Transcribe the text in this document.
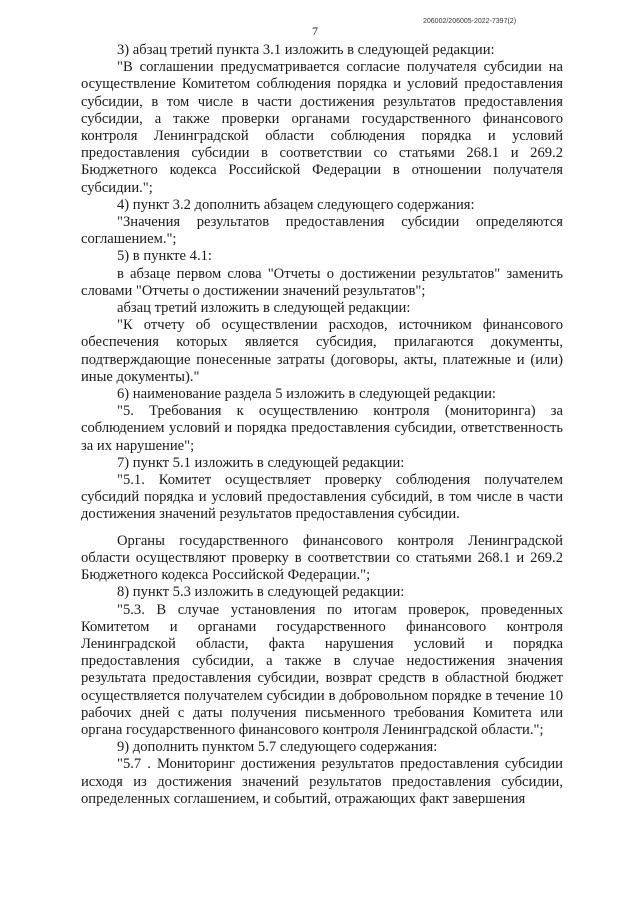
7
206002/206005-2022-7397(2)

3) абзац третий пункта 3.1 изложить в следующей редакции:

"В соглашении предусматривается согласие получателя субсидии на осуществление Комитетом соблюдения порядка и условий предоставления субсидии, в том числе в части достижения результатов предоставления субсидии, а также проверки органами государственного финансового контроля Ленинградской области соблюдения порядка и условий предоставления субсидии в соответствии со статьями 268.1 и 269.2 Бюджетного кодекса Российской Федерации в отношении получателя субсидии.";

4) пункт 3.2 дополнить абзацем следующего содержания:

"Значения результатов предоставления субсидии определяются соглашением.";

5) в пункте 4.1:

в абзаце первом слова "Отчеты о достижении результатов" заменить словами "Отчеты о достижении значений результатов";

абзац третий изложить в следующей редакции:

"К отчету об осуществлении расходов, источником финансового обеспечения которых является субсидия, прилагаются документы, подтверждающие понесенные затраты (договоры, акты, платежные и (или) иные документы)."

6) наименование раздела 5 изложить в следующей редакции:

"5. Требования к осуществлению контроля (мониторинга) за соблюдением условий и порядка предоставления субсидии, ответственность за их нарушение";

7) пункт 5.1 изложить в следующей редакции:

"5.1. Комитет осуществляет проверку соблюдения получателем субсидий порядка и условий предоставления субсидий, в том числе в части достижения значений результатов предоставления субсидии.

Органы государственного финансового контроля Ленинградской области осуществляют проверку в соответствии со статьями 268.1 и 269.2 Бюджетного кодекса Российской Федерации.";

8) пункт 5.3 изложить в следующей редакции:

"5.3. В случае установления по итогам проверок, проведенных Комитетом и органами государственного финансового контроля Ленинградской области, факта нарушения условий и порядка предоставления субсидии, а также в случае недостижения значения результата предоставления субсидии, возврат средств в областной бюджет осуществляется получателем субсидии в добровольном порядке в течение 10 рабочих дней с даты получения письменного требования Комитета или органа государственного финансового контроля Ленинградской области.";

9) дополнить пунктом 5.7 следующего содержания:

"5.7 . Мониторинг достижения результатов предоставления субсидии исходя из достижения значений результатов предоставления субсидии, определенных соглашением, и событий, отражающих факт завершения
